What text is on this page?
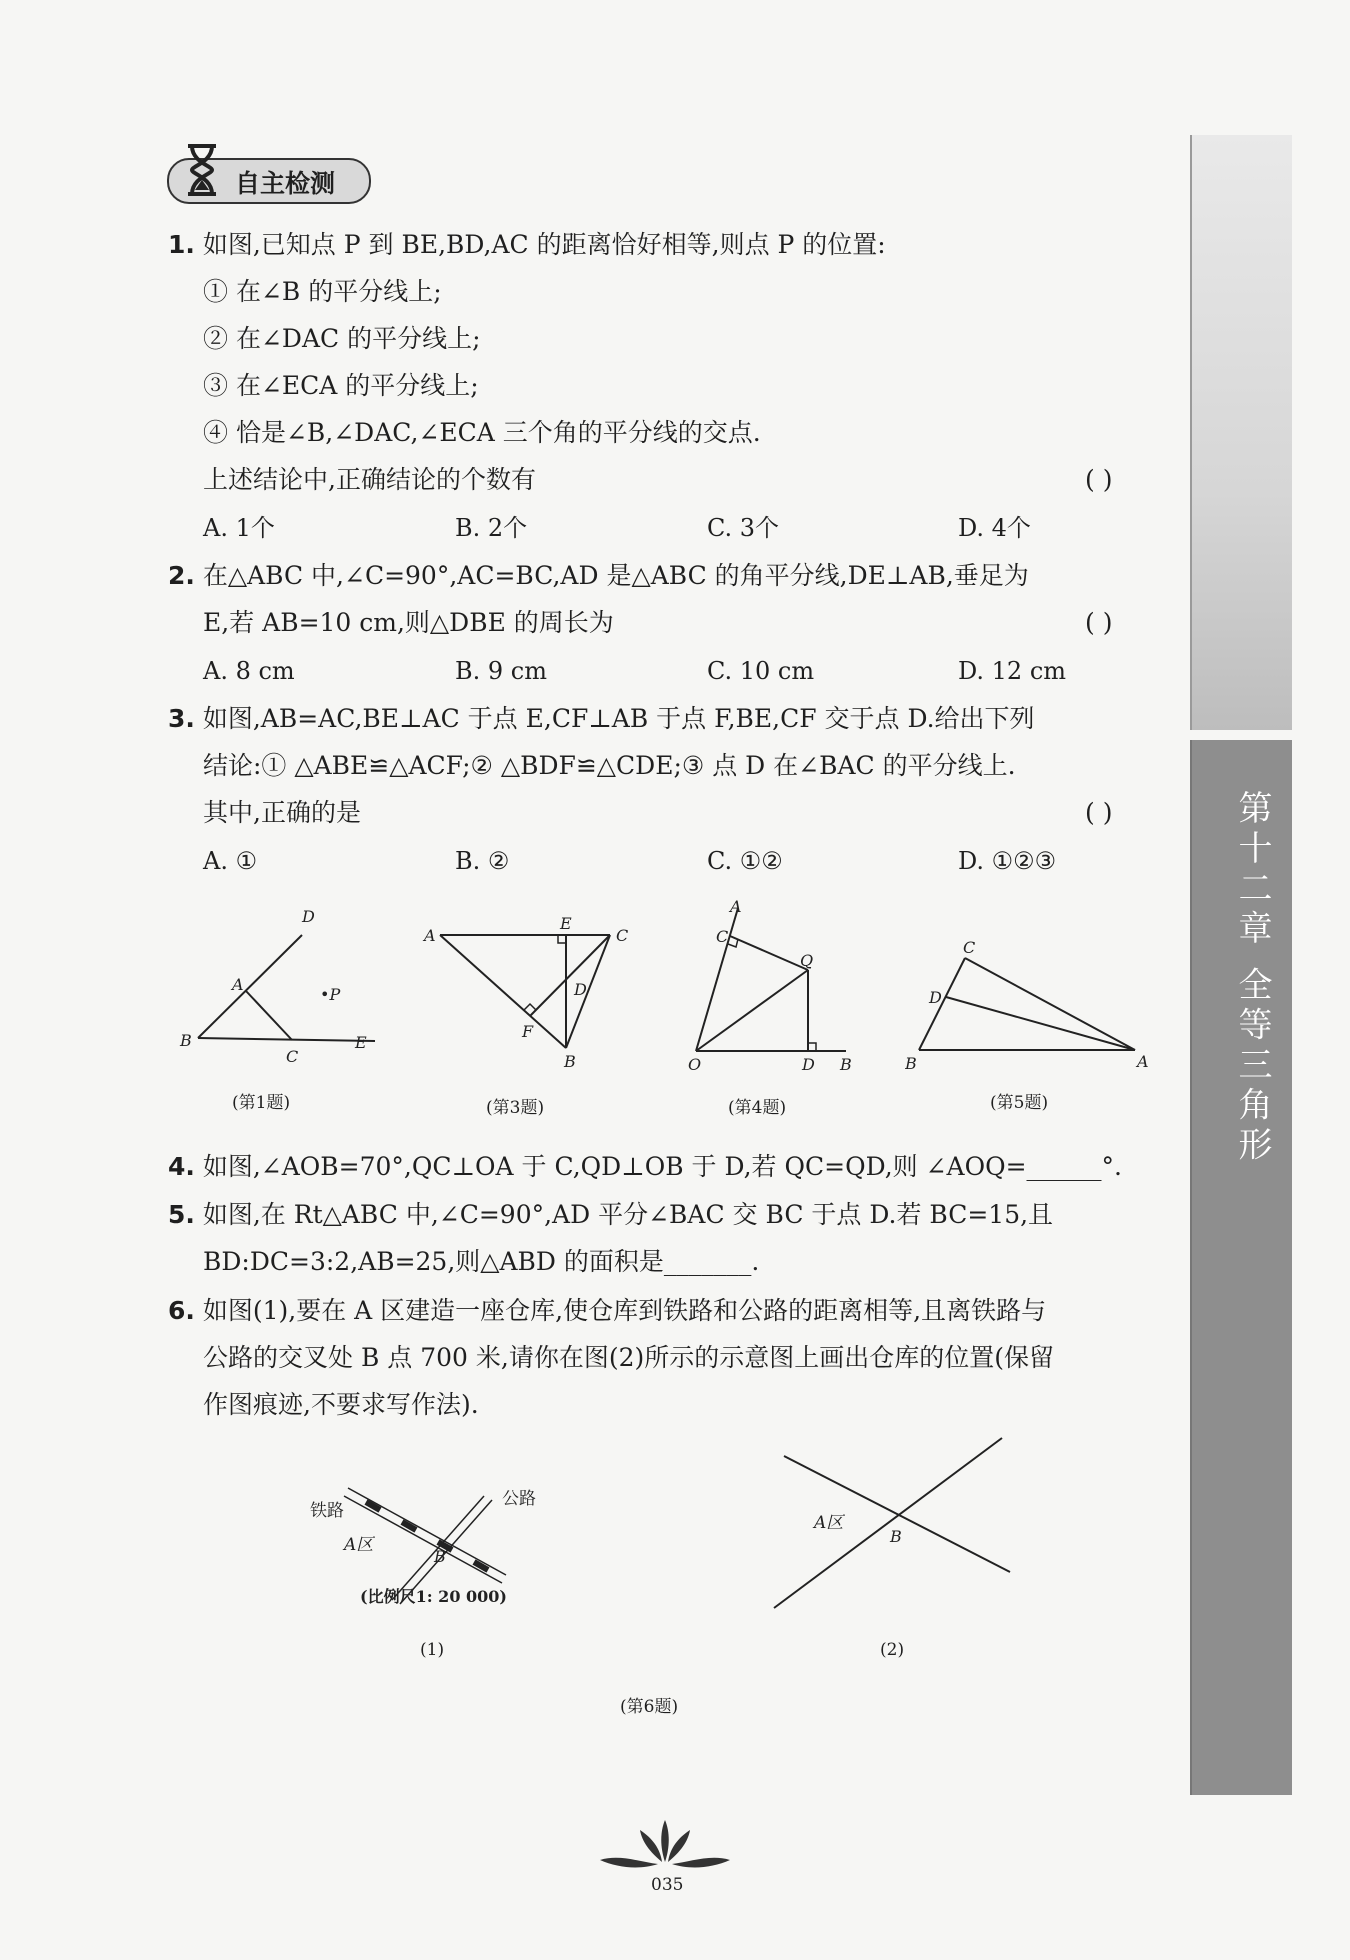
第十二章 全等三角形
自主检测
1. 如图,已知点 P 到 BE,BD,AC 的距离恰好相等,则点 P 的位置:
① 在∠B 的平分线上;
② 在∠DAC 的平分线上;
③ 在∠ECA 的平分线上;
④ 恰是∠B,∠DAC,∠ECA 三个角的平分线的交点.
上述结论中,正确结论的个数有	( )
A. 1个	B. 2个	C. 3个	D. 4个
2. 在△ABC 中,∠C=90°,AC=BC,AD 是△ABC 的角平分线,DE⊥AB,垂足为
E,若 AB=10 cm,则△DBE 的周长为	( )
A. 8 cm	B. 9 cm	C. 10 cm	D. 12 cm
3. 如图,AB=AC,BE⊥AC 于点 E,CF⊥AB 于点 F,BE,CF 交于点 D.给出下列
结论:① △ABE≌△ACF;② △BDF≌△CDE;③ 点 D 在∠BAC 的平分线上.
其中,正确的是	( )
A. ①	B. ②	C. ①②	D. ①②③
D
A
•P
B
C
E
(第1题)
A
E
C
D
F
B
(第3题)
A
C
Q
O	D B
(第4题)
C
D
B	A
(第5题)
4. 如图,∠AOB=70°,QC⊥OA 于 C,QD⊥OB 于 D,若 QC=QD,则 ∠AOQ=______°.
5. 如图,在 Rt△ABC 中,∠C=90°,AD 平分∠BAC 交 BC 于点 D.若 BC=15,且
BD:DC=3:2,AB=25,则△ABD 的面积是_______.
6. 如图(1),要在 A 区建造一座仓库,使仓库到铁路和公路的距离相等,且离铁路与
公路的交叉处 B 点 700 米,请你在图(2)所示的示意图上画出仓库的位置(保留
作图痕迹,不要求写作法).
铁路
公路
A区
B
(比例尺1: 20 000)
(1)
A区
B
(2)
(第6题)
035
